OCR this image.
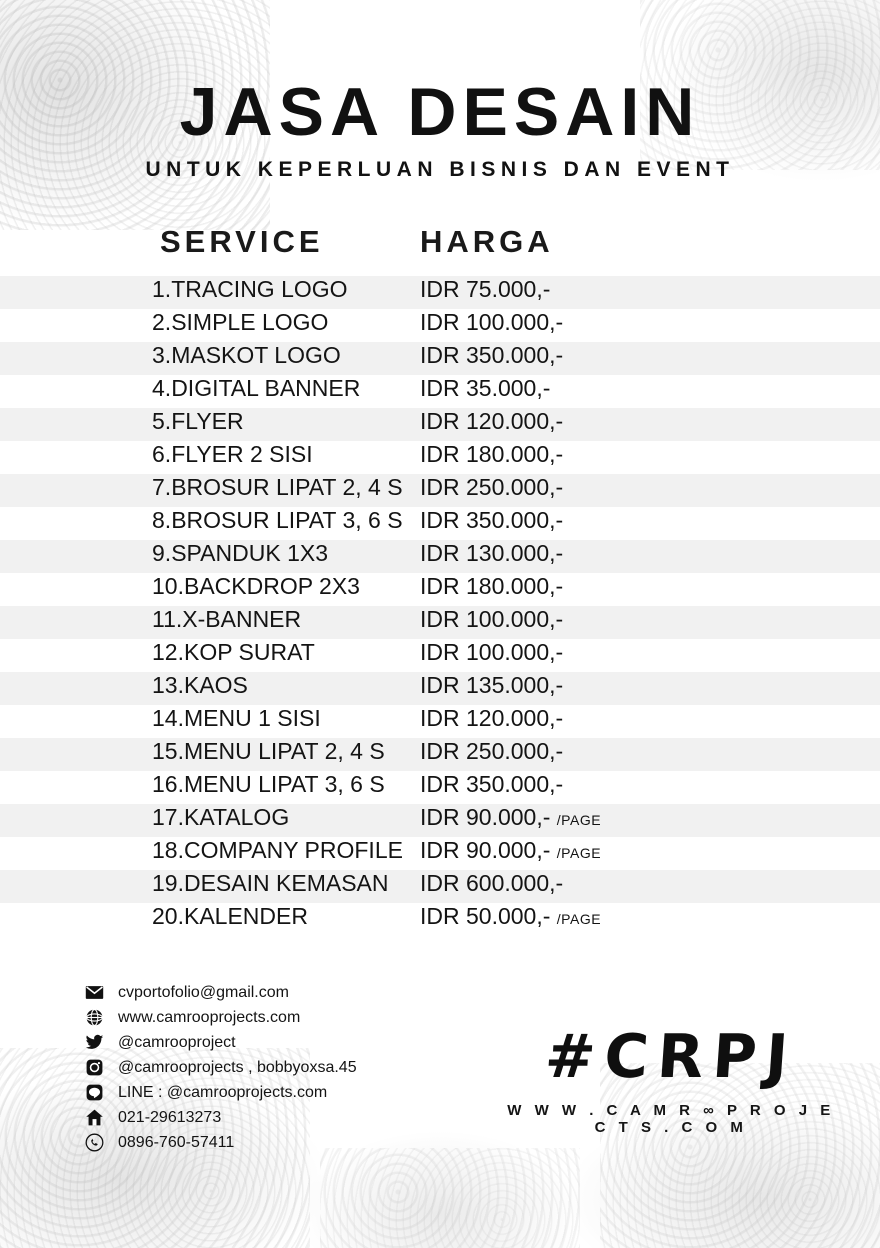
JASA DESAIN
UNTUK KEPERLUAN BISNIS DAN EVENT
SERVICE	HARGA
1.TRACING LOGO	IDR 75.000,-
2.SIMPLE LOGO	IDR 100.000,-
3.MASKOT LOGO	IDR 350.000,-
4.DIGITAL BANNER	IDR 35.000,-
5.FLYER	IDR 120.000,-
6.FLYER 2 SISI	IDR 180.000,-
7.BROSUR LIPAT 2, 4 S IDR 250.000,-
8.BROSUR LIPAT 3, 6 S IDR 350.000,-
9.SPANDUK 1X3	IDR 130.000,-
10.BACKDROP 2X3	IDR 180.000,-
11.X-BANNER	IDR 100.000,-
12.KOP SURAT	IDR 100.000,-
13.KAOS	IDR 135.000,-
14.MENU 1 SISI	IDR 120.000,-
15.MENU LIPAT 2, 4 S	IDR 250.000,-
16.MENU LIPAT 3, 6 S	IDR 350.000,-
17.KATALOG	IDR 90.000,- /PAGE
18.COMPANY PROFILE IDR 90.000,- /PAGE
19.DESAIN KEMASAN	IDR 600.000,-
20.KALENDER	IDR 50.000,- /PAGE
cvportofolio@gmail.com
www.camrooprojects.com
@camrooproject
@camrooprojects , bobbyoxsa.45
LINE : @camrooprojects.com
021-29613273
0896-760-57411
#CRPJ
W W W . C A M R ∞ P R O J E C T S . C O M
